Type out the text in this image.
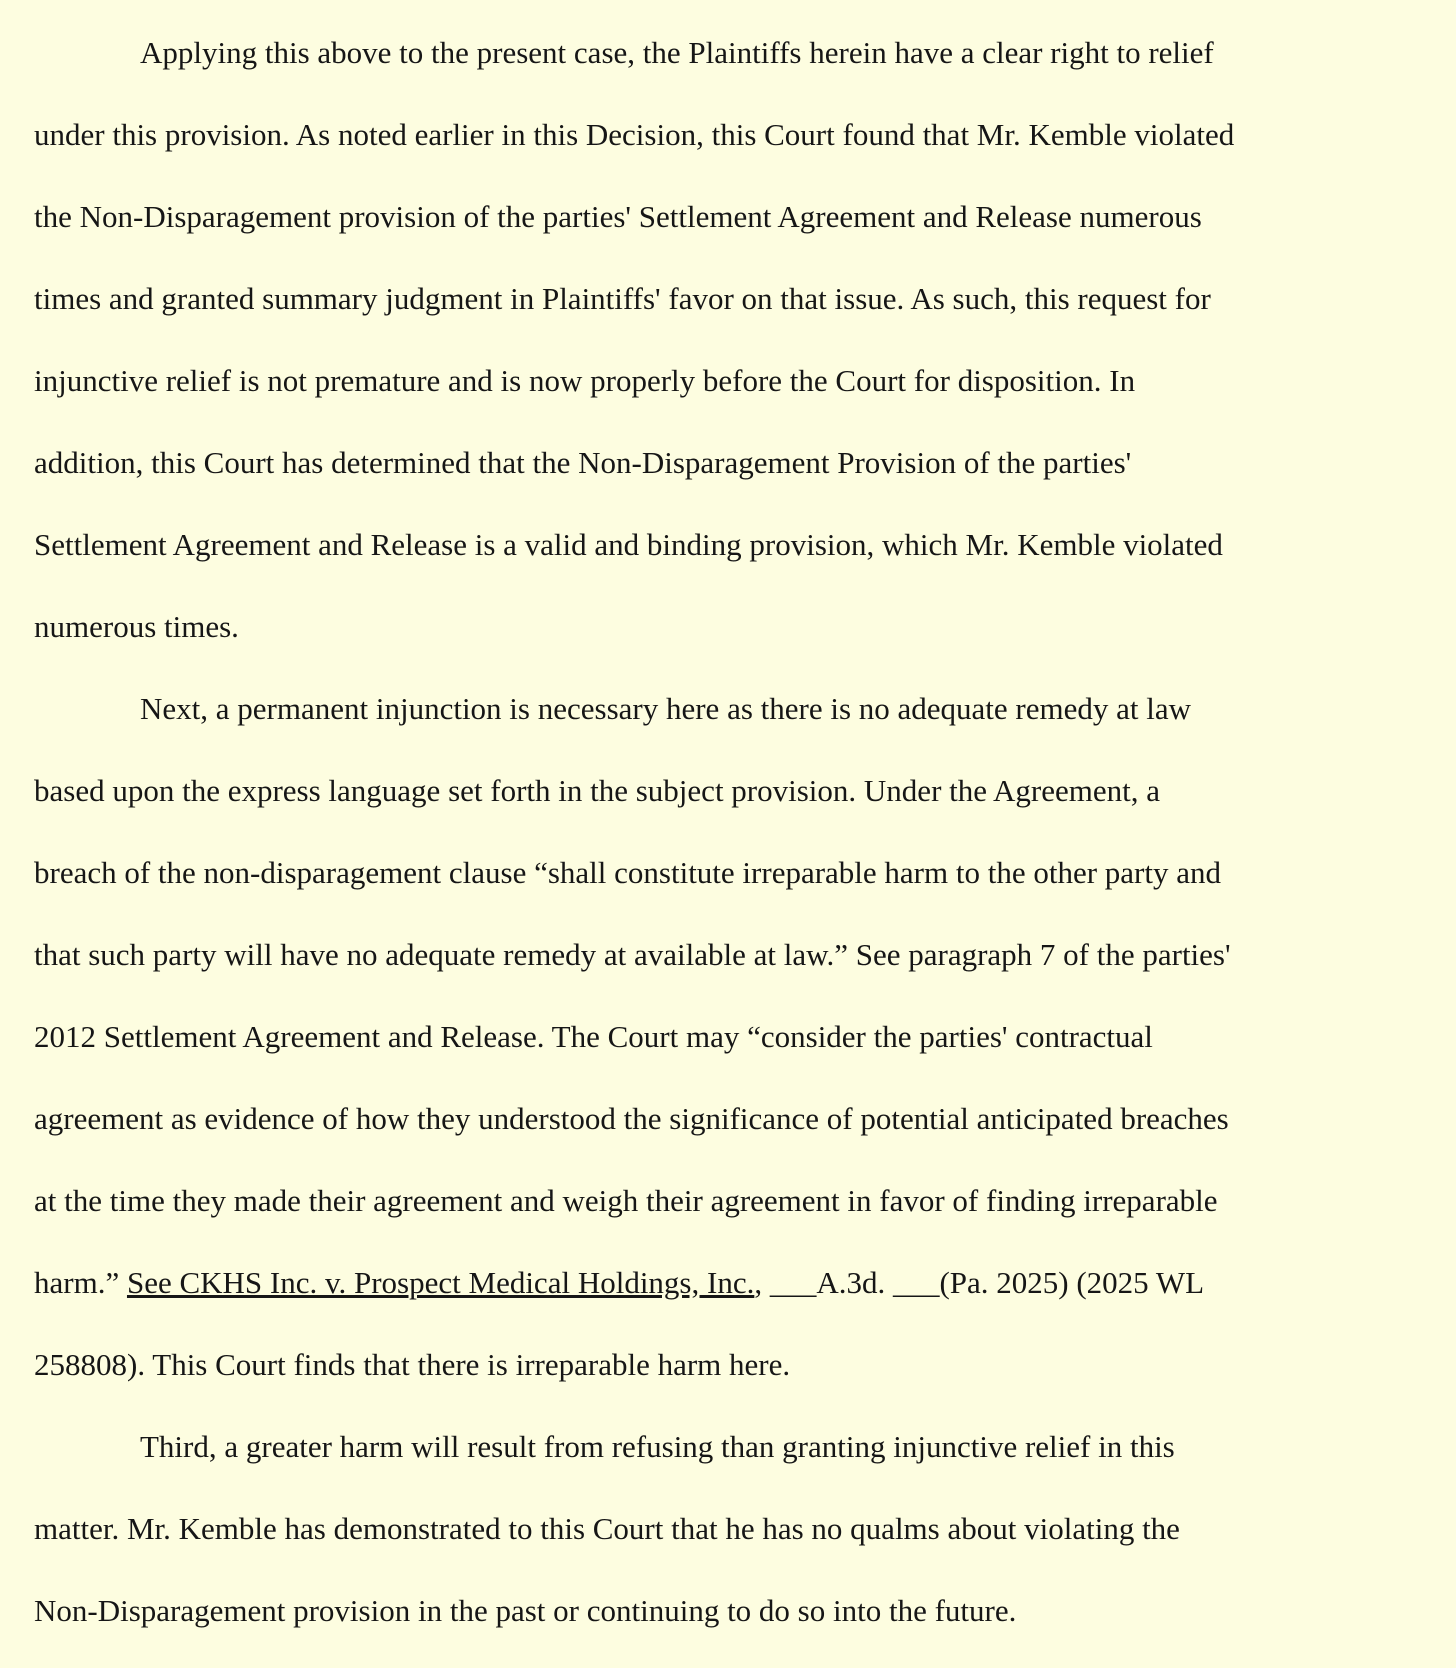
Applying this above to the present case, the Plaintiffs herein have a clear right to relief
under this provision. As noted earlier in this Decision, this Court found that Mr. Kemble violated
the Non-Disparagement provision of the parties' Settlement Agreement and Release numerous
times and granted summary judgment in Plaintiffs' favor on that issue. As such, this request for
injunctive relief is not premature and is now properly before the Court for disposition. In
addition, this Court has determined that the Non-Disparagement Provision of the parties'
Settlement Agreement and Release is a valid and binding provision, which Mr. Kemble violated
numerous times.
Next, a permanent injunction is necessary here as there is no adequate remedy at law
based upon the express language set forth in the subject provision. Under the Agreement, a
breach of the non-disparagement clause “shall constitute irreparable harm to the other party and
that such party will have no adequate remedy at available at law.” See paragraph 7 of the parties'
2012 Settlement Agreement and Release. The Court may “consider the parties' contractual
agreement as evidence of how they understood the significance of potential anticipated breaches
at the time they made their agreement and weigh their agreement in favor of finding irreparable
harm.” See CKHS Inc. v. Prospect Medical Holdings, Inc., ___A.3d. ___(Pa. 2025) (2025 WL
258808). This Court finds that there is irreparable harm here.
Third, a greater harm will result from refusing than granting injunctive relief in this
matter. Mr. Kemble has demonstrated to this Court that he has no qualms about violating the
Non-Disparagement provision in the past or continuing to do so into the future.
